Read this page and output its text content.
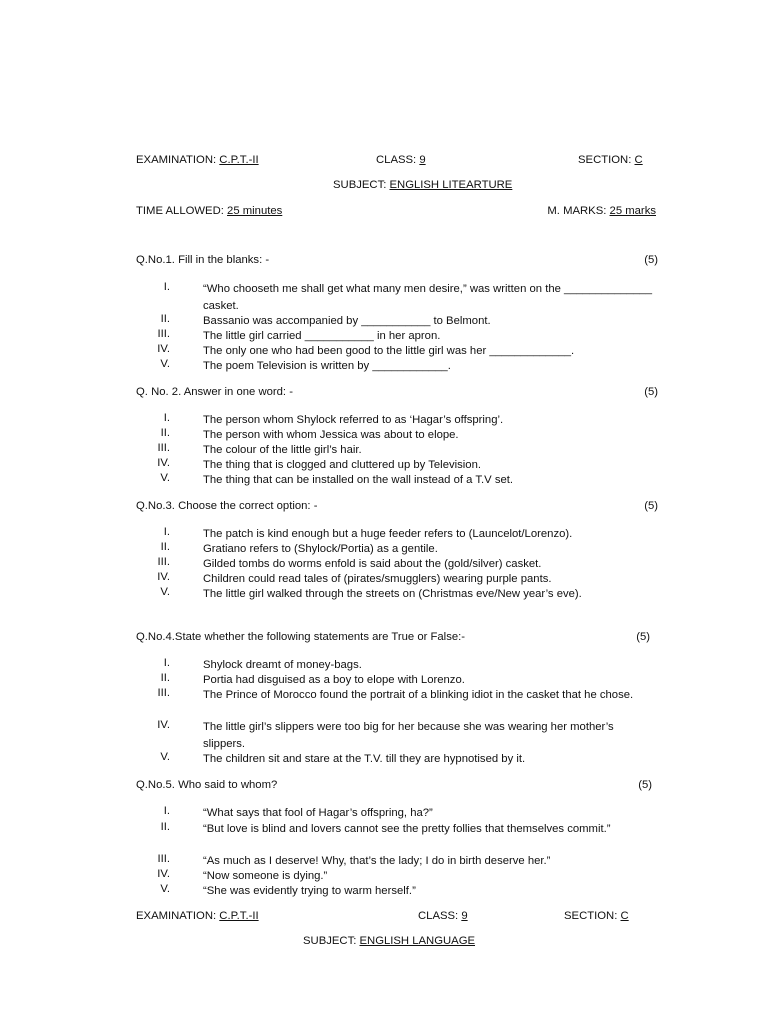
EXAMINATION: C.P.T.-II	CLASS: 9	SECTION: C
SUBJECT: ENGLISH LITEARTURE
TIME ALLOWED: 25 minutes	M. MARKS: 25 marks
Q.No.1. Fill in the blanks: -	(5)
I.	“Who chooseth me shall get what many men desire,” was written on the ______________ casket.
II.	Bassanio was accompanied by ___________ to Belmont.
III.	The little girl carried ___________ in her apron.
IV.	The only one who had been good to the little girl was her _____________.
V.	The poem Television is written by ____________.
Q. No. 2. Answer in one word: -	(5)
I.	The person whom Shylock referred to as ‘Hagar’s offspring’.
II.	The person with whom Jessica was about to elope.
III.	The colour of the little girl’s hair.
IV.	The thing that is clogged and cluttered up by Television.
V.	The thing that can be installed on the wall instead of a T.V set.
Q.No.3. Choose the correct option: -	(5)
I.	The patch is kind enough but a huge feeder refers to (Launcelot/Lorenzo).
II.	Gratiano refers to (Shylock/Portia) as a gentile.
III.	Gilded tombs do worms enfold is said about the (gold/silver) casket.
IV.	Children could read tales of (pirates/smugglers) wearing purple pants.
V.	The little girl walked through the streets on (Christmas eve/New year’s eve).
Q.No.4.State whether the following statements are True or False:-	(5)
I.	Shylock dreamt of money-bags.
II.	Portia had disguised as a boy to elope with Lorenzo.
III.	The Prince of Morocco found the portrait of a blinking idiot in the casket that he chose.
IV.	The little girl’s slippers were too big for her because she was wearing her mother’s slippers.
V.	The children sit and stare at the T.V. till they are hypnotised by it.
Q.No.5. Who said to whom?	(5)
I.	“What says that fool of Hagar’s offspring, ha?”
II.	“But love is blind and lovers cannot see the pretty follies that themselves commit.”
III.	“As much as I deserve! Why, that’s the lady; I do in birth deserve her.”
IV.	“Now someone is dying.”
V.	“She was evidently trying to warm herself.”
EXAMINATION: C.P.T.-II	CLASS: 9	SECTION: C
SUBJECT: ENGLISH LANGUAGE
